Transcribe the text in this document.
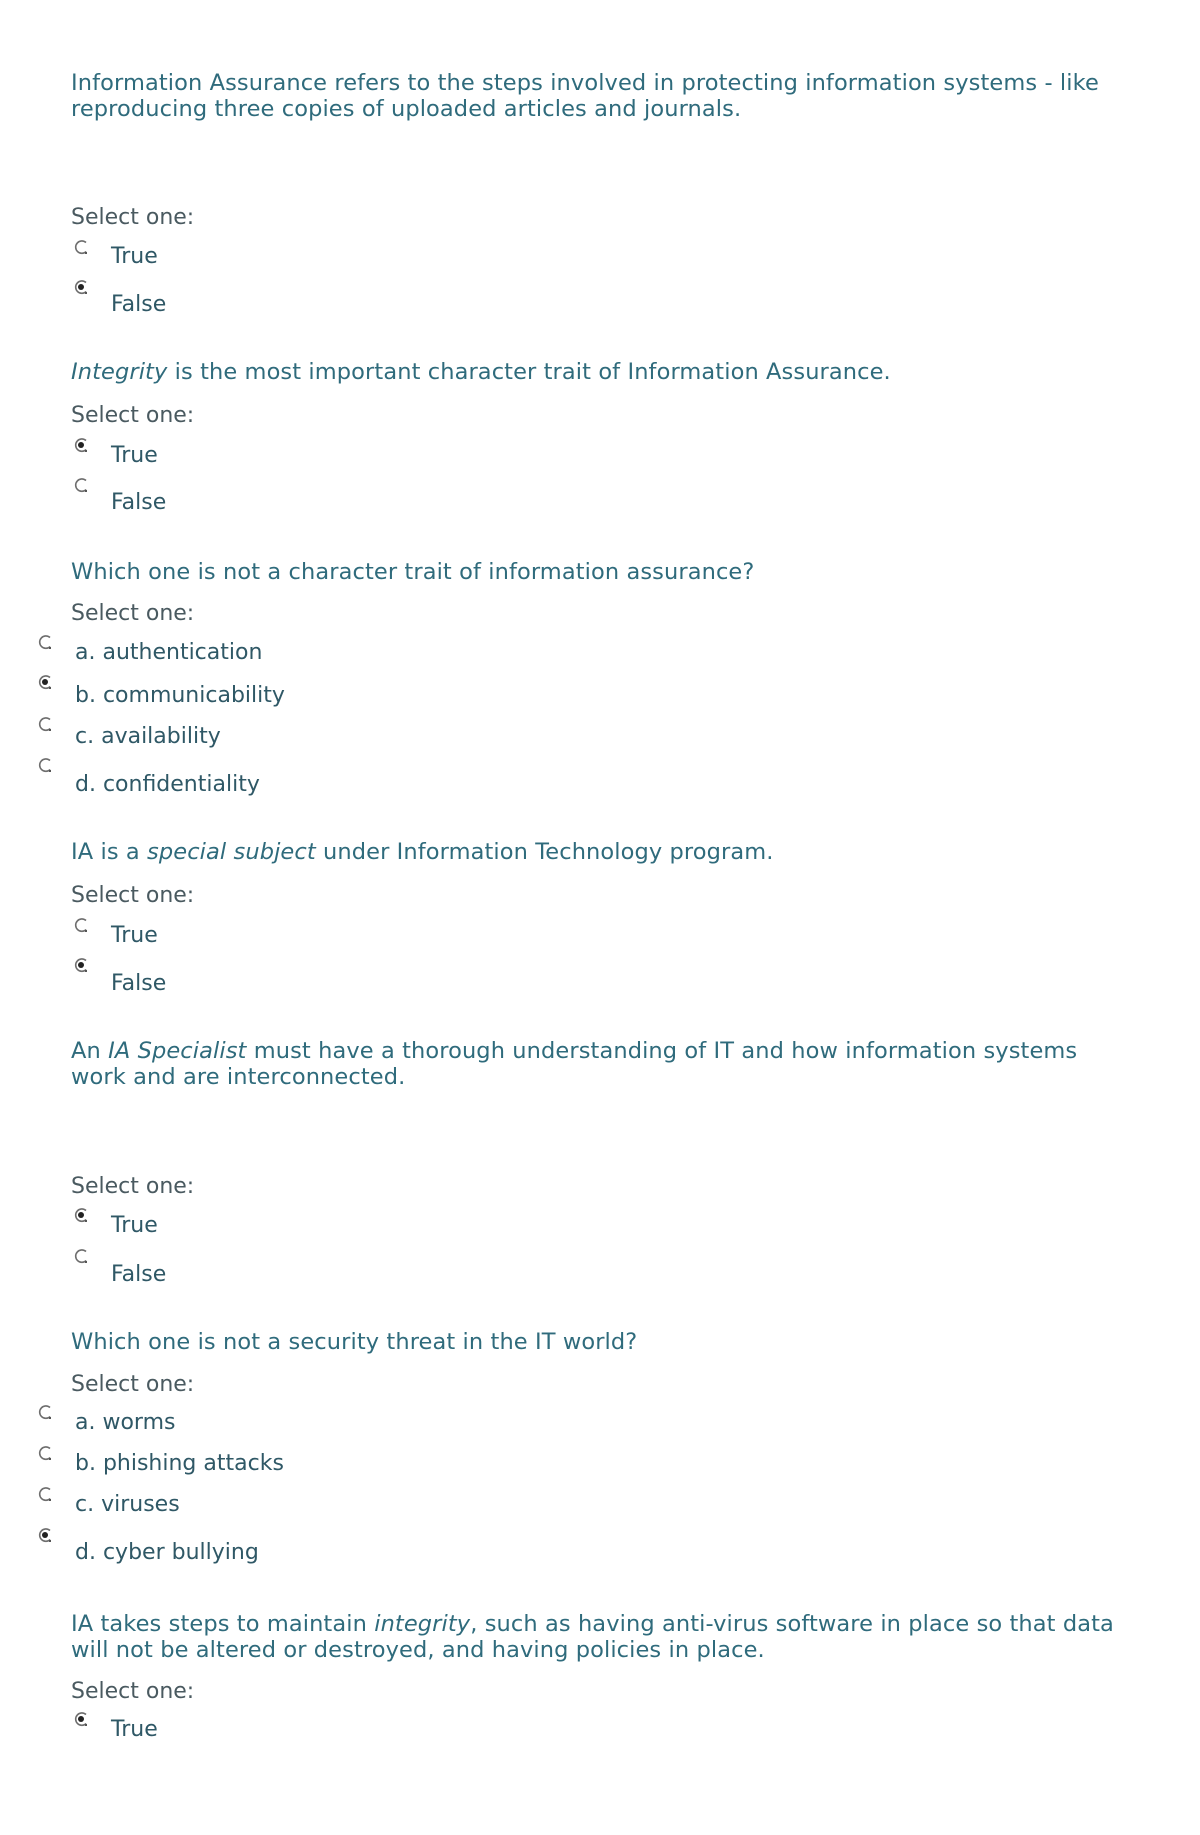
Information Assurance refers to the steps involved in protecting information systems - like reproducing three copies of uploaded articles and journals.
Select one:
True
False
Integrity is the most important character trait of Information Assurance.
Select one:
True
False
Which one is not a character trait of information assurance?
Select one:
a. authentication
b. communicability
c. availability
d. confidentiality
IA is a special subject under Information Technology program.
Select one:
True
False
An IA Specialist must have a thorough understanding of IT and how information systems work and are interconnected.
Select one:
True
False
Which one is not a security threat in the IT world?
Select one:
a. worms
b. phishing attacks
c. viruses
d. cyber bullying
IA takes steps to maintain integrity, such as having anti-virus software in place so that data will not be altered or destroyed, and having policies in place.
Select one:
True
